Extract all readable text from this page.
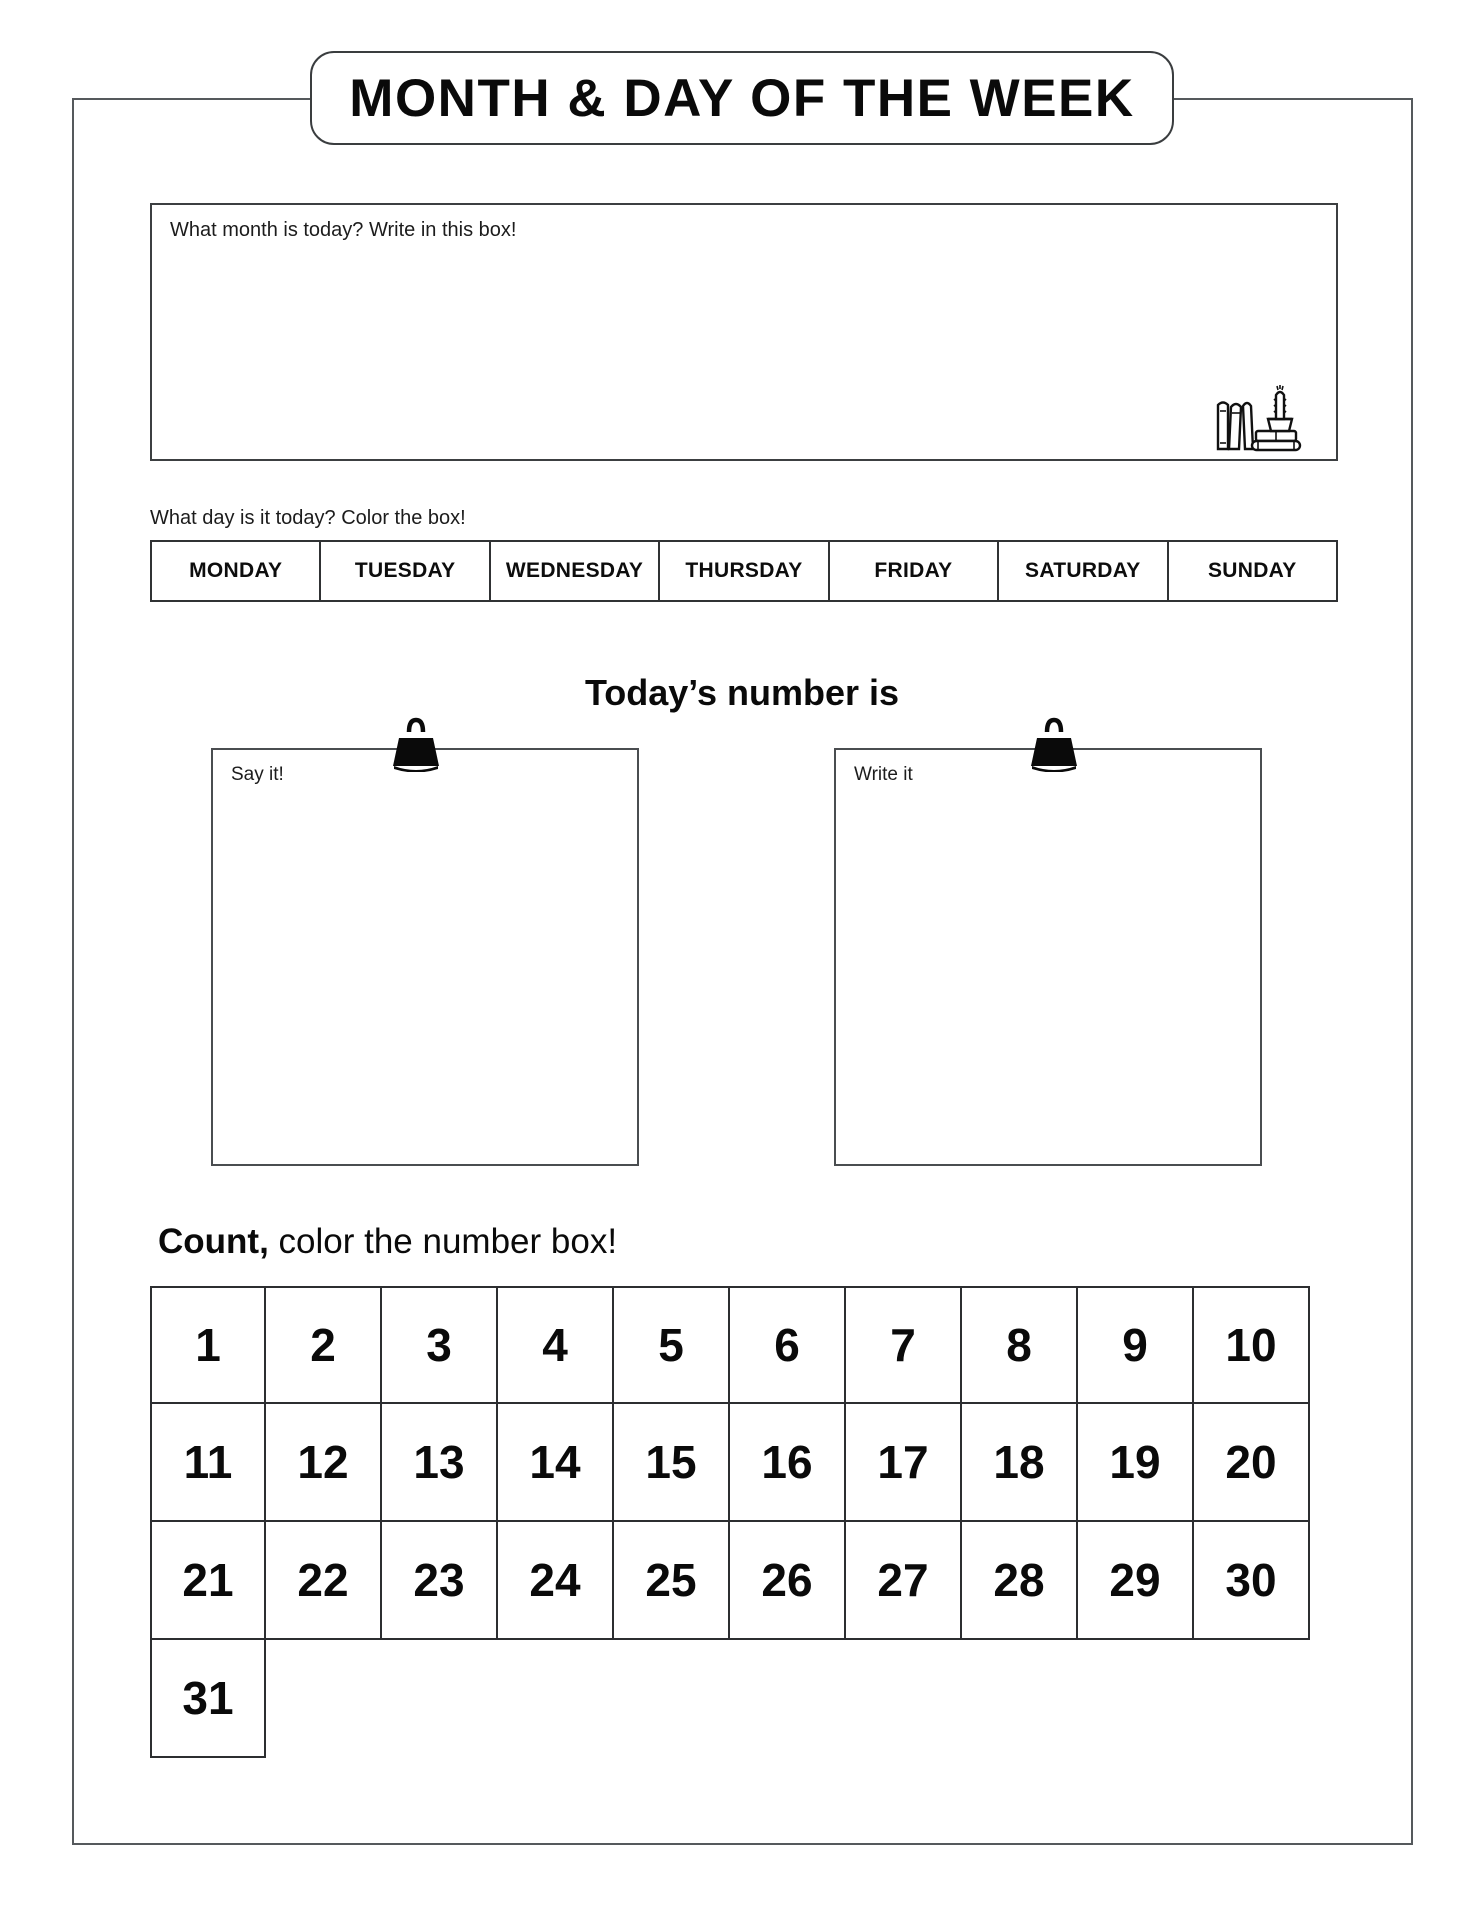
MONTH & DAY OF THE WEEK
What month is today? Write in this box!
What day is it today? Color the box!
MONDAY	TUESDAY	WEDNESDAY	THURSDAY	FRIDAY	SATURDAY	SUNDAY
Today’s number is
Say it!	Write it
Count, color the number box!
1	2	3	4	5	6	7	8	9	10
11	12	13	14	15	16	17	18	19	20
21	22	23	24	25	26	27	28	29	30
31
